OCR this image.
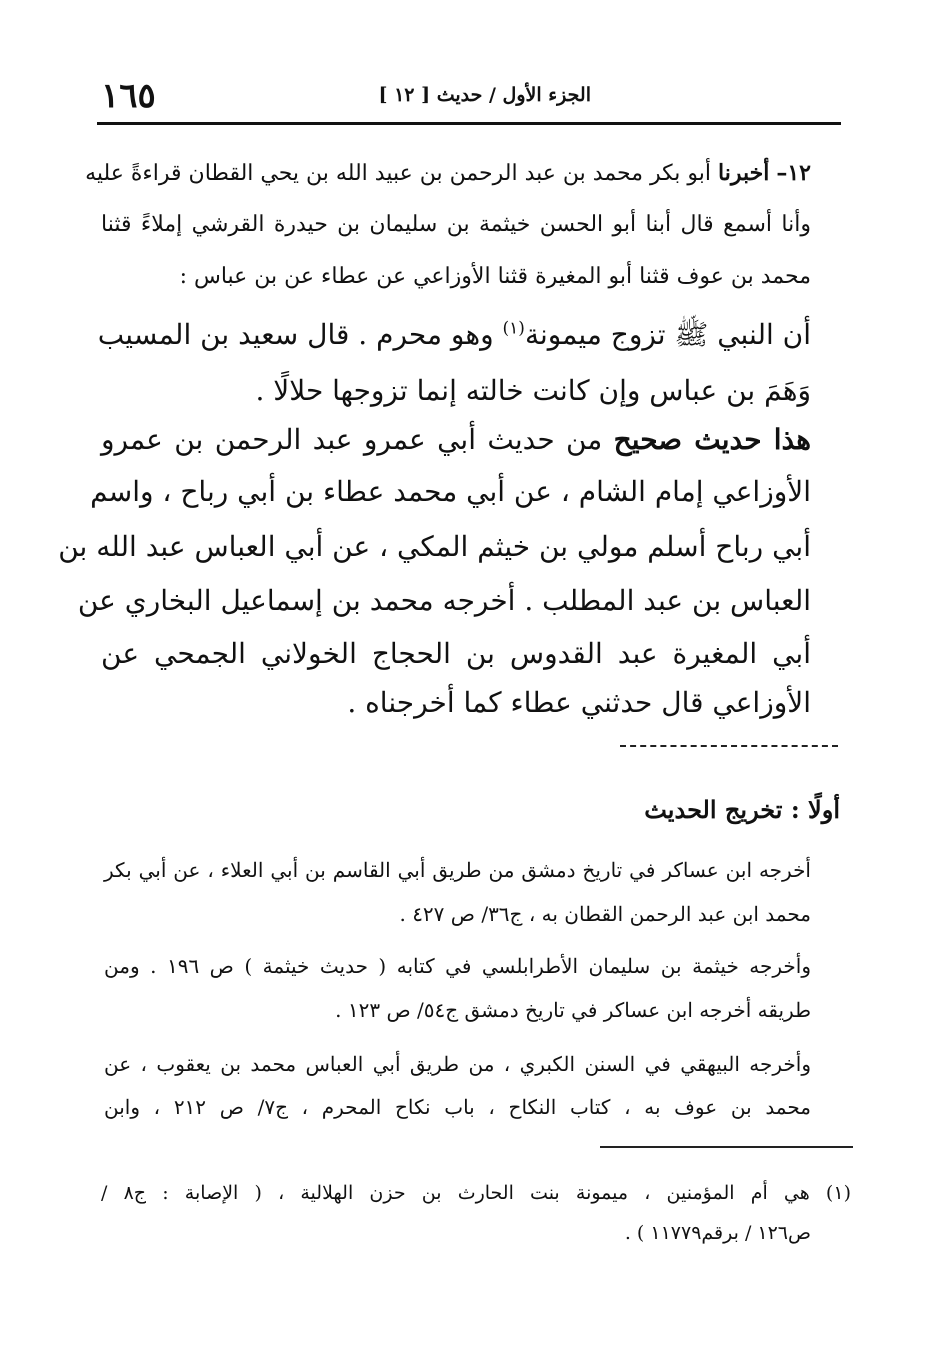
١٦٥	الجزء الأول / حديث [ ١٢ ]
١٢– أخبرنا أبو بكر محمد بن عبد الرحمن بن عبيد الله بن يحي القطان قراءةً عليه
وأنا أسمع قال أبنا أبو الحسن خيثمة بن سليمان بن حيدرة القرشي إملاءً قثنا
محمد بن عوف قثنا أبو المغيرة قثنا الأوزاعي عن عطاء عن بن عباس :
أن النبي ﷺ تزوج ميمونة$^{(١)}$ وهو محرم . قال سعيد بن المسيب
وَهَمَ بن عباس وإن كانت خالته إنما تزوجها حلالًا .
هذا حديث صحيح من حديث أبي عمرو عبد الرحمن بن عمرو
الأوزاعي إمام الشام ، عن أبي محمد عطاء بن أبي رباح ، واسم
أبي رباح أسلم مولي بن خيثم المكي ، عن أبي العباس عبد الله بن
العباس بن عبد المطلب . أخرجه محمد بن إسماعيل البخاري عن
أبي المغيرة عبد القدوس بن الحجاج الخولاني الجمحي عن
الأوزاعي قال حدثني عطاء كما أخرجناه .
أولًا : تخريج الحديث
أخرجه ابن عساكر في تاريخ دمشق من طريق أبي القاسم بن أبي العلاء ، عن أبي بكر
محمد ابن عبد الرحمن القطان به ، ج٣٦/ ص ٤٢٧ .
وأخرجه خيثمة بن سليمان الأطرابلسي في كتابه ( حديث خيثمة ) ص ١٩٦ . ومن
طريقه أخرجه ابن عساكر في تاريخ دمشق ج٥٤/ ص ١٢٣ .
وأخرجه البيهقي في السنن الكبري ، من طريق أبي العباس محمد بن يعقوب ، عن
محمد بن عوف به ، كتاب النكاح ، باب نكاح المحرم ، ج٧/ ص ٢١٢ ، وابن
(١) هي أم المؤمنين ، ميمونة بنت الحارث بن حزن الهلالية ، ( الإصابة : ج٨ /
ص١٢٦ / برقم١١٧٧٩ ) .
